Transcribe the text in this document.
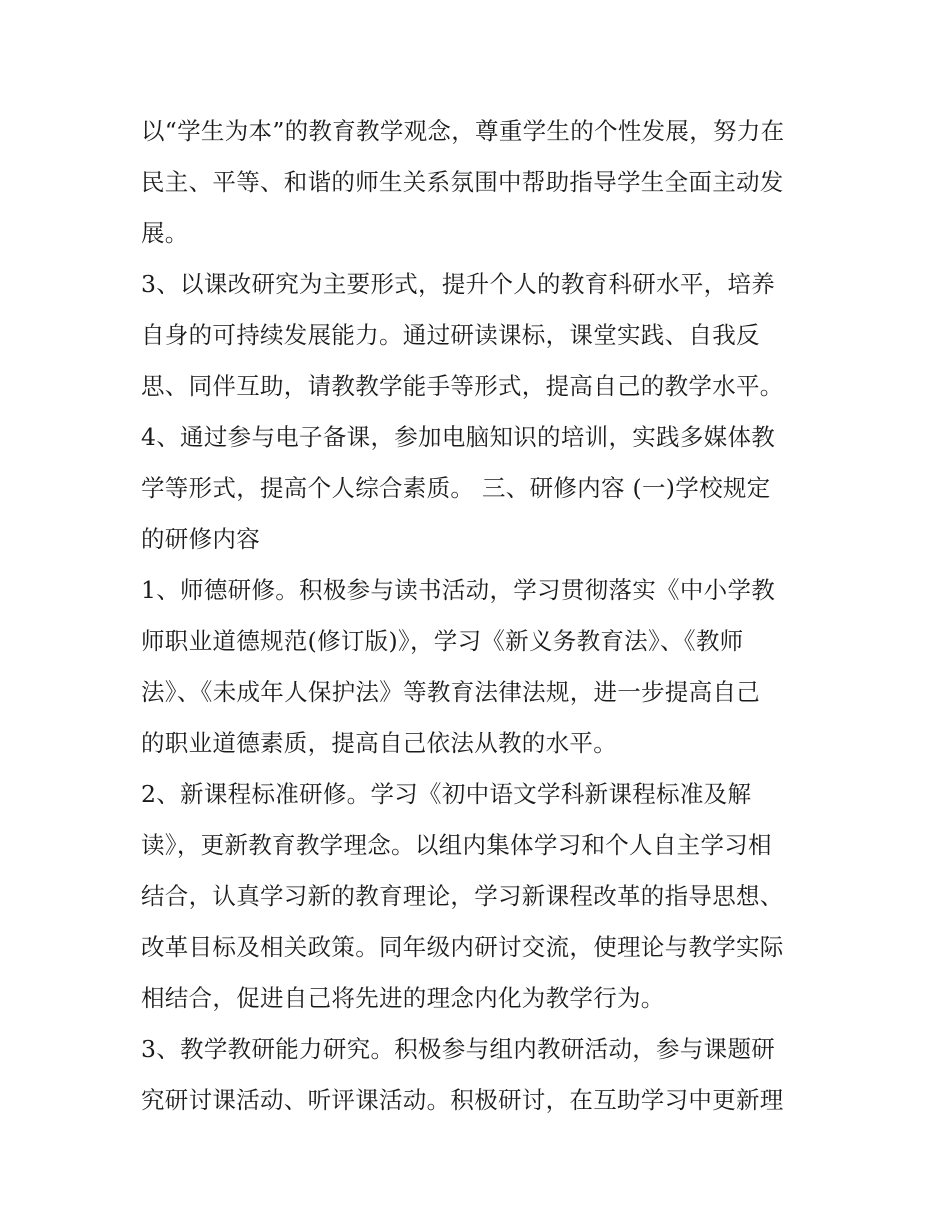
以“学生为本”的教育教学观念，尊重学生的个性发展，努力在
民主、平等、和谐的师生关系氛围中帮助指导学生全面主动发
展。
3、以课改研究为主要形式，提升个人的教育科研水平，培养
自身的可持续发展能力。通过研读课标，课堂实践、自我反
思、同伴互助，请教教学能手等形式，提高自己的教学水平。
4、通过参与电子备课，参加电脑知识的培训，实践多媒体教
学等形式，提高个人综合素质。 三、研修内容 (一)学校规定
的研修内容
1、师德研修。积极参与读书活动，学习贯彻落实《中小学教
师职业道德规范(修订版)》，学习《新义务教育法》、《教师
法》、《未成年人保护法》等教育法律法规，进一步提高自己
的职业道德素质，提高自己依法从教的水平。
2、新课程标准研修。学习《初中语文学科新课程标准及解
读》，更新教育教学理念。以组内集体学习和个人自主学习相
结合，认真学习新的教育理论，学习新课程改革的指导思想、
改革目标及相关政策。同年级内研讨交流，使理论与教学实际
相结合，促进自己将先进的理念内化为教学行为。
3、教学教研能力研究。积极参与组内教研活动，参与课题研
究研讨课活动、听评课活动。积极研讨，在互助学习中更新理
